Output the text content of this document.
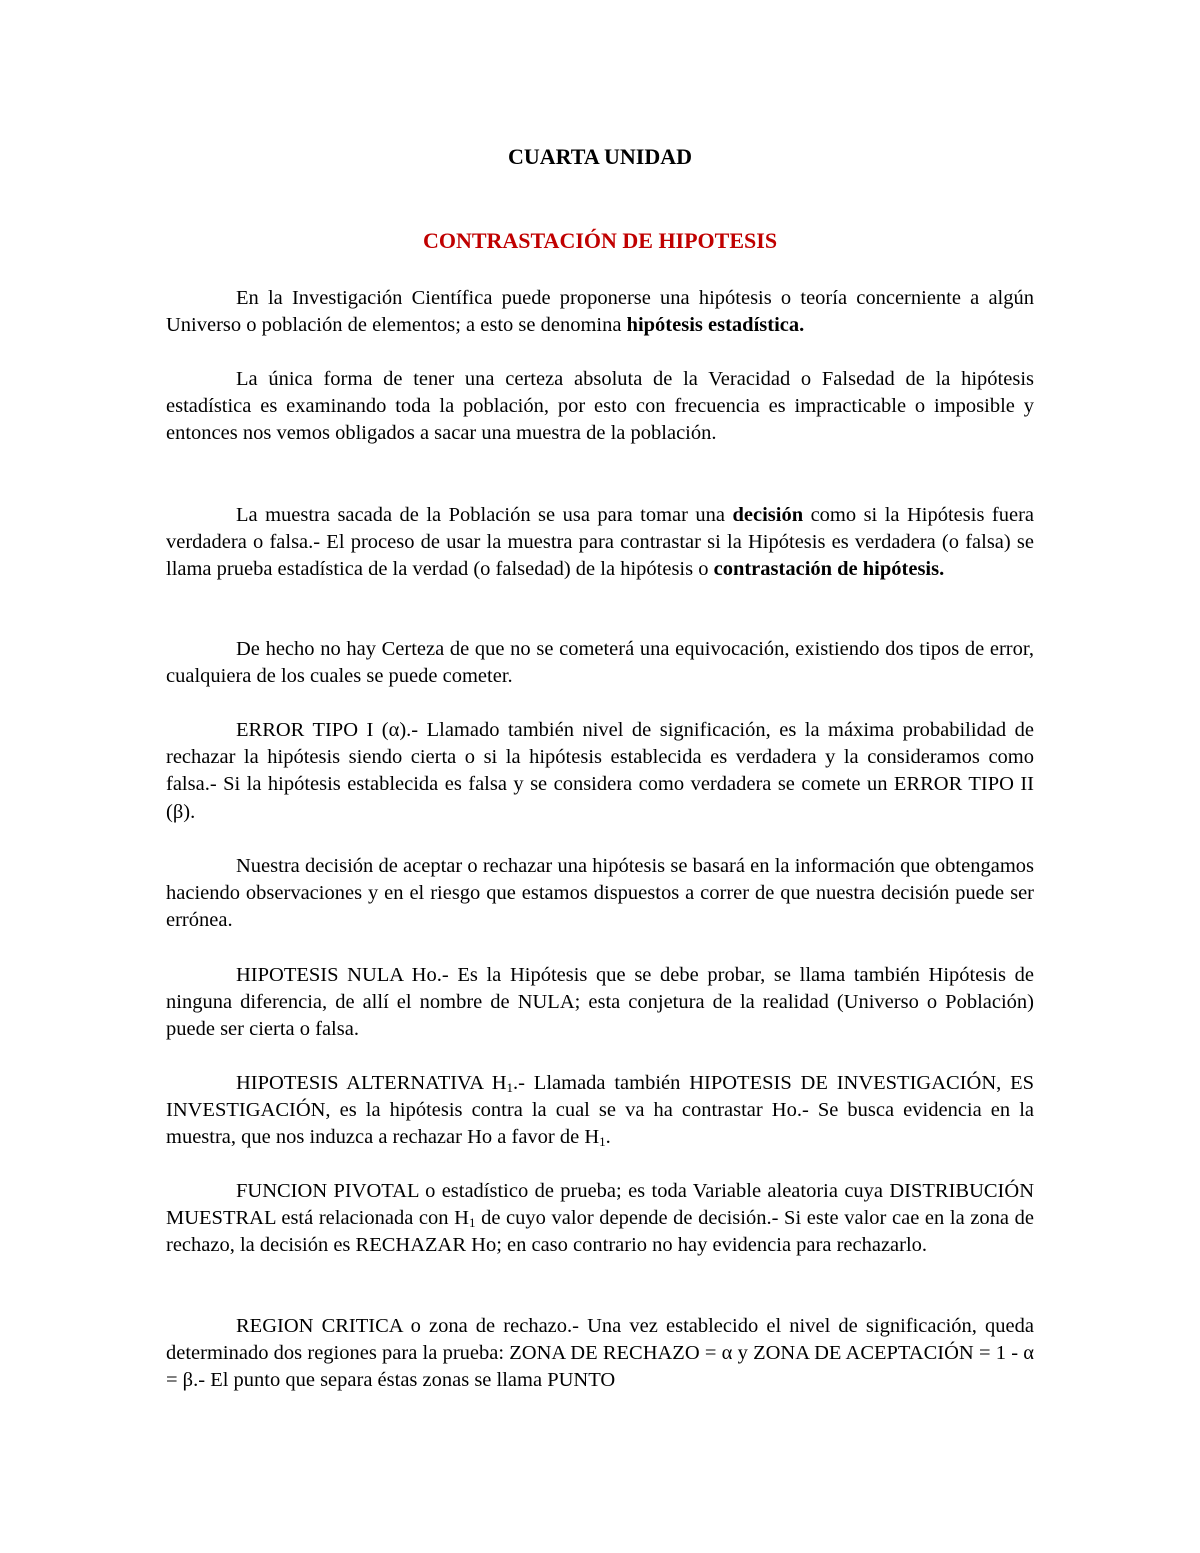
CUARTA UNIDAD
CONTRASTACIÓN DE HIPOTESIS

En la Investigación Científica puede proponerse una hipótesis o teoría concerniente a algún Universo o población de elementos; a esto se denomina hipótesis estadística.

La única forma de tener una certeza absoluta de la Veracidad o Falsedad de la hipótesis estadística es examinando toda la población, por esto con frecuencia es impracticable o imposible y entonces nos vemos obligados a sacar una muestra de la población.

La muestra sacada de la Población se usa para tomar una decisión como si la Hipótesis fuera verdadera o falsa.- El proceso de usar la muestra para contrastar si la Hipótesis es verdadera (o falsa) se llama prueba estadística de la verdad (o falsedad) de la hipótesis o contrastación de hipótesis.

De hecho no hay Certeza de que no se cometerá una equivocación, existiendo dos tipos de error, cualquiera de los cuales se puede cometer.

ERROR TIPO I (α).- Llamado también nivel de significación, es la máxima probabilidad de rechazar la hipótesis siendo cierta o si la hipótesis establecida es verdadera y la consideramos como falsa.- Si la hipótesis establecida es falsa y se considera como verdadera se comete un ERROR TIPO II (β).

Nuestra decisión de aceptar o rechazar una hipótesis se basará en la información que obtengamos haciendo observaciones y en el riesgo que estamos dispuestos a correr de que nuestra decisión puede ser errónea.

HIPOTESIS NULA Ho.- Es la Hipótesis que se debe probar, se llama también Hipótesis de ninguna diferencia, de allí el nombre de NULA; esta conjetura de la realidad (Universo o Población) puede ser cierta o falsa.

HIPOTESIS ALTERNATIVA $H_1.-$ Llamada también HIPOTESIS DE INVESTIGACIÓN, ES INVESTIGACIÓN, es la hipótesis contra la cual se va ha contrastar Ho.- Se busca evidencia en la muestra, que nos induzca a rechazar Ho a favor de $H_1$.

FUNCION PIVOTAL o estadístico de prueba; es toda Variable aleatoria cuya DISTRIBUCIÓN MUESTRAL está relacionada con $H_1$ de cuyo valor depende de decisión.- Si este valor cae en la zona de rechazo, la decisión es RECHAZAR Ho; en caso contrario no hay evidencia para rechazarlo.

REGION CRITICA o zona de rechazo.- Una vez establecido el nivel de significación, queda determinado dos regiones para la prueba: ZONA DE RECHAZO = α y ZONA DE ACEPTACIÓN = 1 - α = β.- El punto que separa éstas zonas se llama PUNTO
